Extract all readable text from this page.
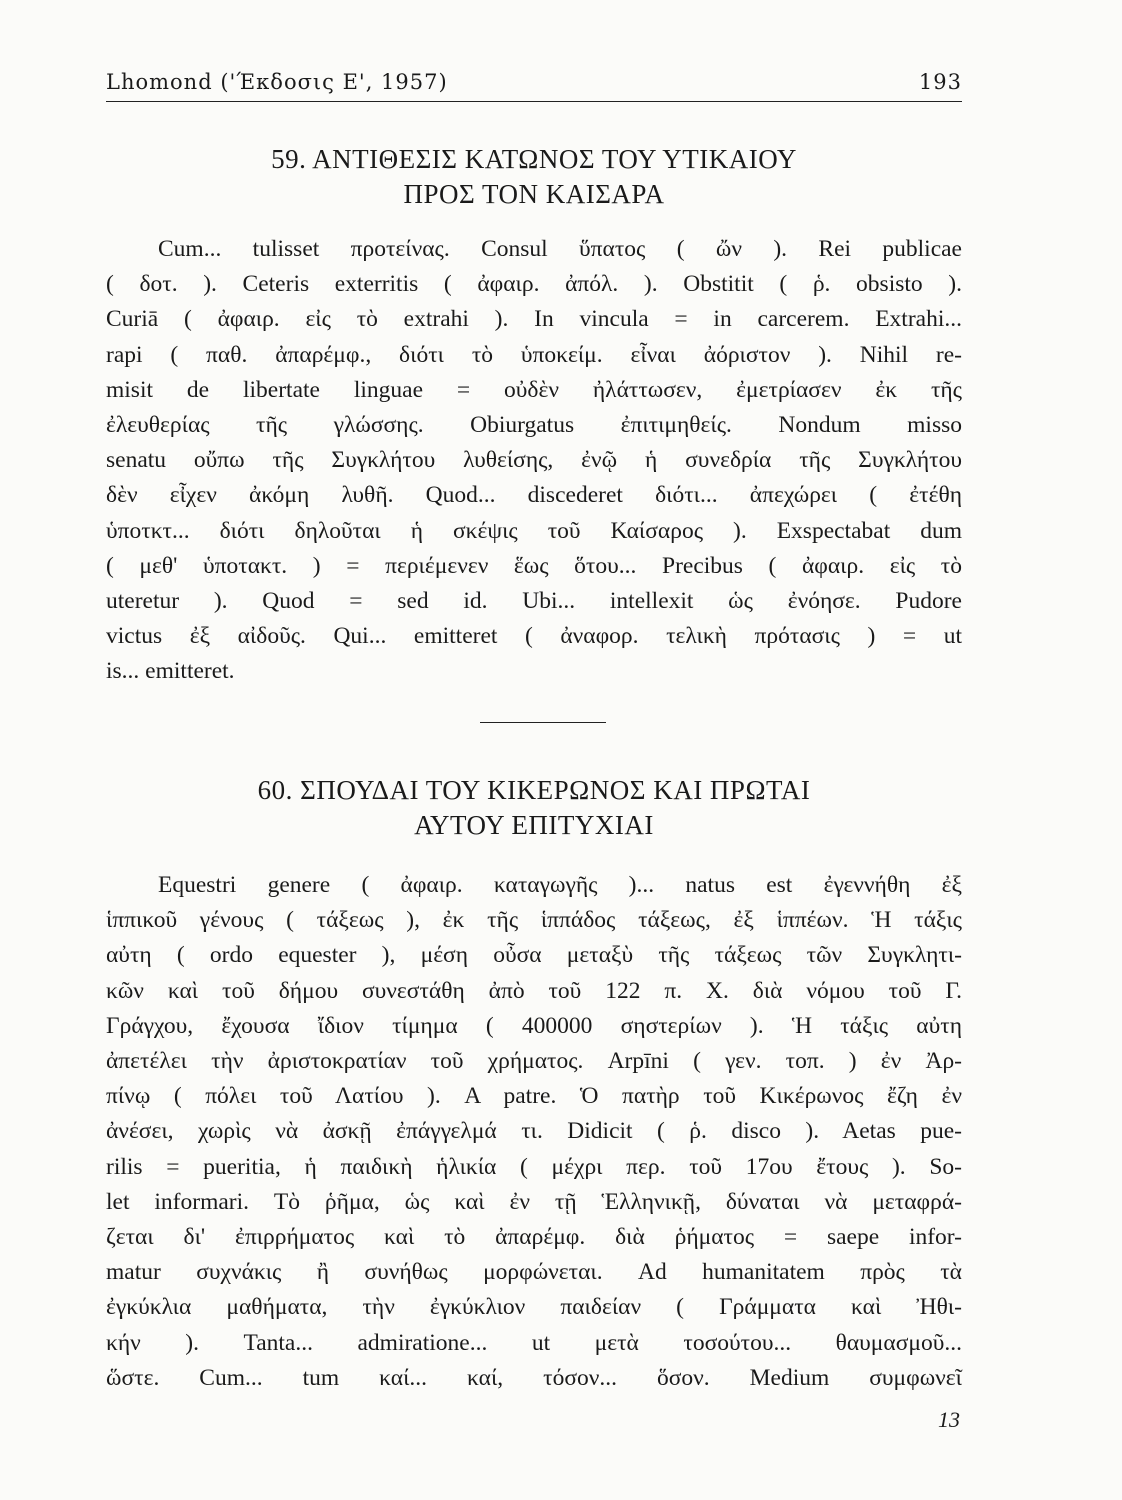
Lhomond ('Έκδοσις Ε', 1957)	193
59. ΑΝΤΙΘΕΣΙΣ ΚΑΤΩΝΟΣ ΤΟΥ ΥΤΙΚΑΙΟΥ
ΠΡΟΣ ΤΟΝ ΚΑΙΣΑΡΑ
Cum... tulisset προτείνας. Consul ὕπατος ( ὤν ). Rei publicae
( δοτ. ). Ceteris exterritis ( ἀφαιρ. ἀπόλ. ). Obstitit ( ῥ. obsisto ).
Curiā ( ἀφαιρ. εἰς τὸ extrahi ). In vincula = in carcerem. Extrahi...
rapi ( παθ. ἀπαρέμφ., διότι τὸ ὑποκείμ. εἶναι ἀόριστον ). Nihil re-
misit de libertate linguae = οὐδὲν ἠλάττωσεν, ἐμετρίασεν ἐκ τῆς
ἐλευθερίας τῆς γλώσσης. Obiurgatus ἐπιτιμηθείς. Nondum misso
senatu οὔπω τῆς Συγκλήτου λυθείσης, ἐνῷ ἡ συνεδρία τῆς Συγκλήτου
δὲν εἶχεν ἀκόμη λυθῆ. Quod... discederet διότι... ἀπεχώρει ( ἐτέθη
ὑποτκτ... διότι δηλοῦται ἡ σκέψις τοῦ Καίσαρος ). Exspectabat dum
( μεθ' ὑποτακτ. ) = περιέμενεν ἕως ὅτου... Precibus ( ἀφαιρ. εἰς τὸ
uteretur ). Quod = sed id. Ubi... intellexit ὡς ἐνόησε. Pudore
victus ἐξ αἰδοῦς. Qui... emitteret ( ἀναφορ. τελικὴ πρότασις ) = ut
is... emitteret.
60. ΣΠΟΥΔΑΙ ΤΟΥ ΚΙΚΕΡΩΝΟΣ ΚΑΙ ΠΡΩΤΑΙ
ΑΥΤΟΥ ΕΠΙΤΥΧΙΑΙ
Equestri genere ( ἀφαιρ. καταγωγῆς )... natus est ἐγεννήθη ἐξ
ἱππικοῦ γένους ( τάξεως ), ἐκ τῆς ἱππάδος τάξεως, ἐξ ἱππέων. Ἡ τάξις
αὐτη ( ordo equester ), μέση οὖσα μεταξὺ τῆς τάξεως τῶν Συγκλητι-
κῶν καὶ τοῦ δήμου συνεστάθη ἀπὸ τοῦ 122 π. Χ. διὰ νόμου τοῦ Γ.
Γράγχου, ἔχουσα ἴδιον τίμημα ( 400000 σηστερίων ). Ἡ τάξις αὐτη
ἀπετέλει τὴν ἀριστοκρατίαν τοῦ χρήματος. Arpīni ( γεν. τοπ. ) ἐν Ἀρ-
πίνῳ ( πόλει τοῦ Λατίου ). A patre. Ὁ πατὴρ τοῦ Κικέρωνος ἔζη ἐν
ἀνέσει, χωρὶς νὰ ἀσκῇ ἐπάγγελμά τι. Didicit ( ῥ. disco ). Aetas pue-
rilis = pueritia, ἡ παιδικὴ ἡλικία ( μέχρι περ. τοῦ 17ου ἔτους ). So-
let informari. Τὸ ῥῆμα, ὡς καὶ ἐν τῇ Ἑλληνικῇ, δύναται νὰ μεταφρά-
ζεται δι' ἐπιρρήματος καὶ τὸ ἀπαρέμφ. διὰ ῥήματος = saepe infor-
matur συχνάκις ἢ συνήθως μορφώνεται. Ad humanitatem πρὸς τὰ
ἐγκύκλια μαθήματα, τὴν ἐγκύκλιον παιδείαν ( Γράμματα καὶ Ἠθι-
κήν ). Tanta... admiratione... ut μετὰ τοσούτου... θαυμασμοῦ...
ὥστε. Cum... tum καί... καί, τόσον... ὅσον. Medium συμφωνεῖ
13
